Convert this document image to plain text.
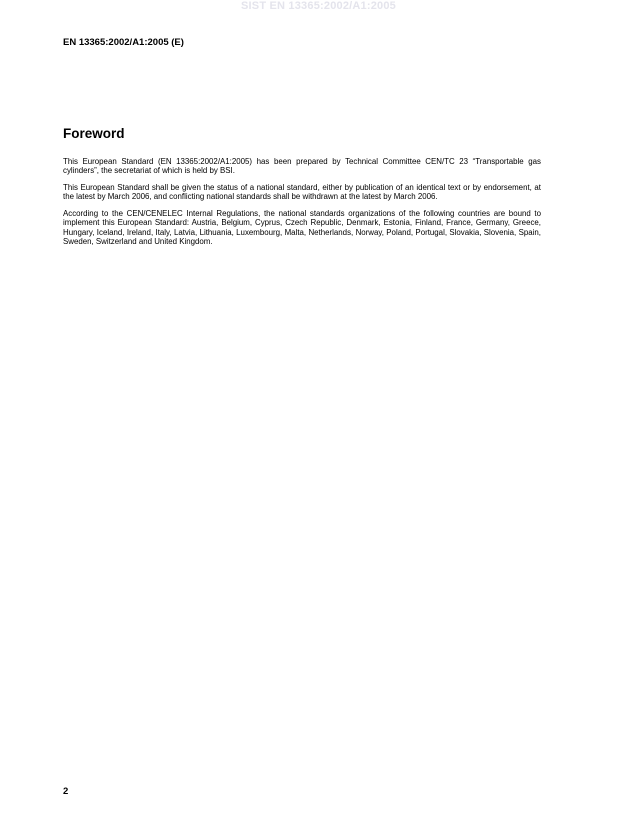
SIST EN 13365:2002/A1:2005
EN 13365:2002/A1:2005 (E)
Foreword

This European Standard (EN 13365:2002/A1:2005) has been prepared by Technical Committee CEN/TC 23 “Transportable gas cylinders”, the secretariat of which is held by BSI.

This European Standard shall be given the status of a national standard, either by publication of an identical text or by endorsement, at the latest by March 2006, and conflicting national standards shall be withdrawn at the latest by March 2006.

According to the CEN/CENELEC Internal Regulations, the national standards organizations of the following countries are bound to implement this European Standard: Austria, Belgium, Cyprus, Czech Republic, Denmark, Estonia, Finland, France, Germany, Greece, Hungary, Iceland, Ireland, Italy, Latvia, Lithuania, Luxembourg, Malta, Netherlands, Norway, Poland, Portugal, Slovakia, Slovenia, Spain, Sweden, Switzerland and United Kingdom.

2
